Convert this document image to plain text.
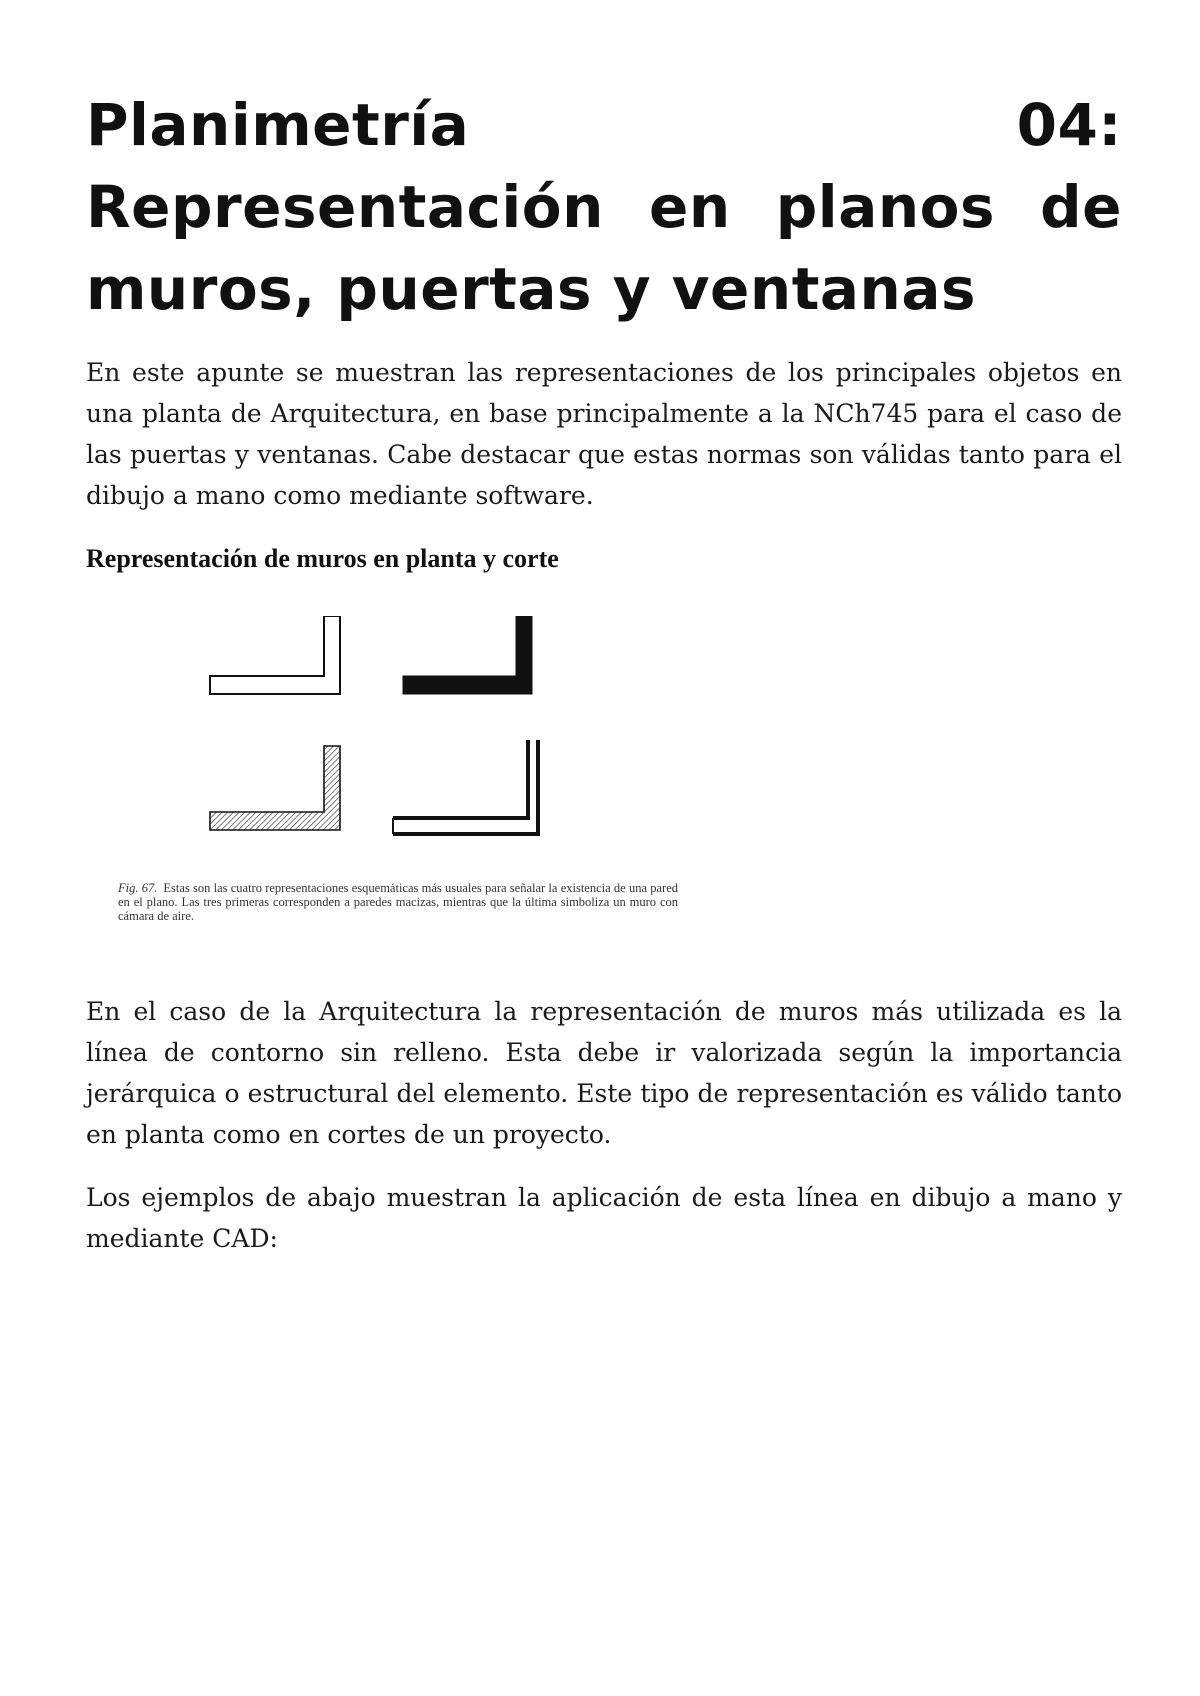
Planimetría 04: Representación en planos de muros, puertas y ventanas

En este apunte se muestran las representaciones de los principales objetos en una planta de Arquitectura, en base principalmente a la NCh745 para el caso de las puertas y ventanas. Cabe destacar que estas normas son válidas tanto para el dibujo a mano como mediante software.

Representación de muros en planta y corte
Fig. 67. Estas son las cuatro representaciones esquemáticas más usuales para señalar la existencia de una pared en el plano. Las tres primeras corresponden a paredes macizas, mientras que la última simboliza un muro con cámara de aire.

En el caso de la Arquitectura la representación de muros más utilizada es la línea de contorno sin relleno. Esta debe ir valorizada según la importancia jerárquica o estructural del elemento. Este tipo de representación es válido tanto en planta como en cortes de un proyecto.

Los ejemplos de abajo muestran la aplicación de esta línea en dibujo a mano y mediante CAD:
